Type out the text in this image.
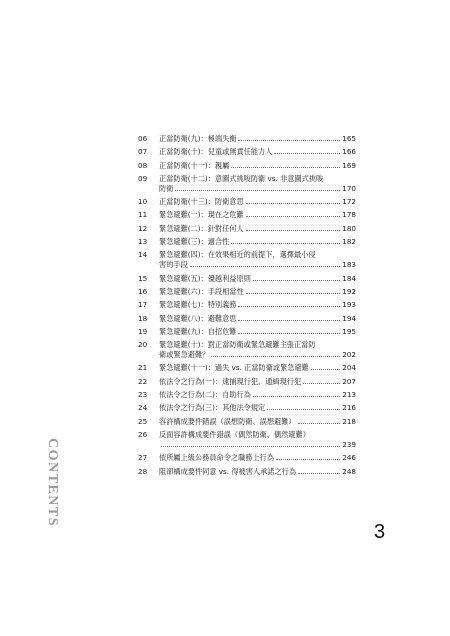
06	正當防衛(九)：極端失衡	165
07	正當防衛(十)：兒童或無責任能力人	166
08	正當防衛(十一)：親屬	169
09	正當防衛(十二)：意圖式挑唆防衛 vs. 非意圖式挑唆
防衛	170
10	正當防衛(十三)：防衛意思	172
11	緊急避難(一)：現在之危難	178
12	緊急避難(二)：針對任何人	180
13	緊急避難(三)：適合性	182
14	緊急避難(四)：在效果相近的前提下，選擇最小侵
害的手段	183
15	緊急避難(五)：優越利益原則	184
16	緊急避難(六)：手段相當性	192
17	緊急避難(七)：特別義務	193
18	緊急避難(八)：避難意思	194
19	緊急避難(九)：自招危難	195
20	緊急避難(十)：對正當防衛或緊急避難主張正當防
衛或緊急避難？	202
21	緊急避難(十一)：過失 vs. 正當防衛或緊急避難	204
22	依法令之行為(一)：逮捕現行犯、通緝現行犯	207
23	依法令之行為(二)：自助行為	213
24	依法令之行為(三)：其他法令規定	216
25	容許構成要件錯誤（誤想防衛、誤想避難）	218
26	反面容許構成要件錯誤（偶然防衛、偶然避難）
239
27	依所屬上級公務員命令之職務上行為	246
28	阻卻構成要件同意 vs. 得被害人承諾之行為	248
CONTENTS
3
